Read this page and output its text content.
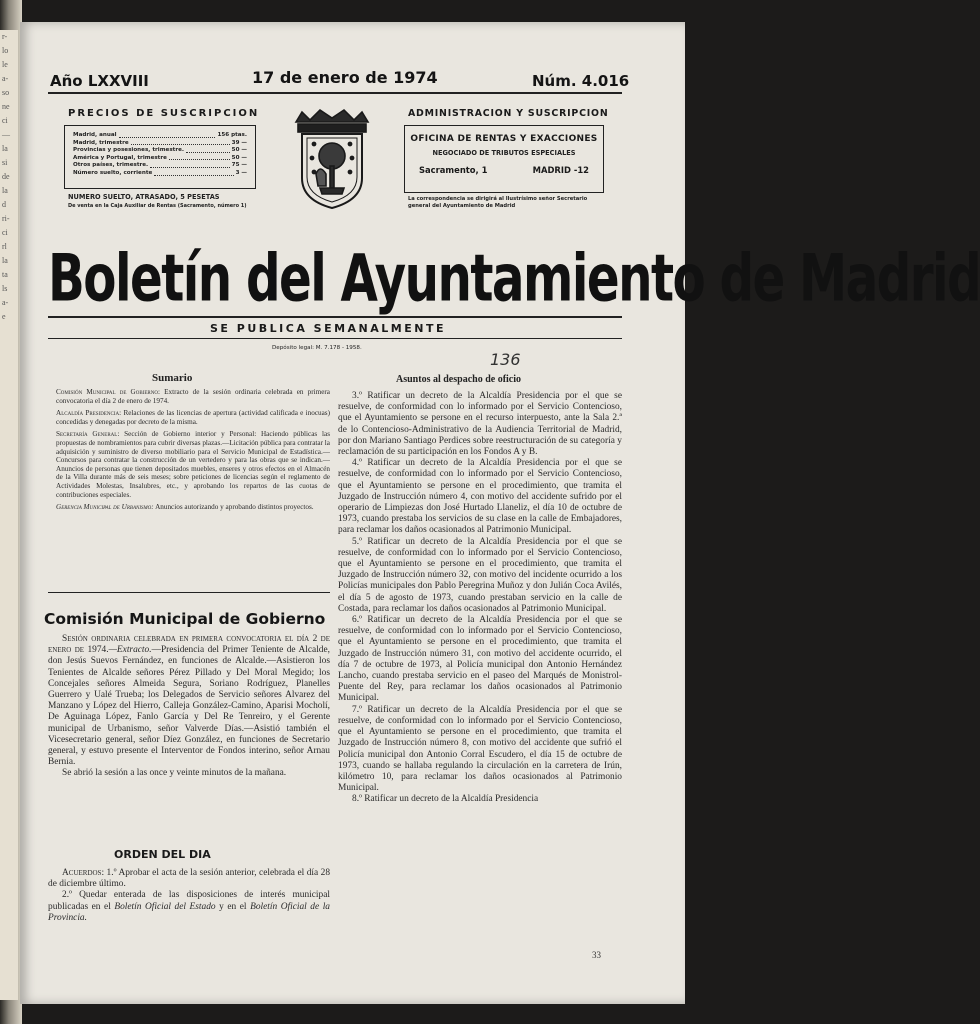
r-
lo
le
a-
so
ne
ci
—
la
si
de
la
d
ri-
ci
rl
la
ta
ls
a-
e
Año LXXVIII	17 de enero de 1974	Núm. 4.016
PRECIOS DE SUSCRIPCION
Madrid, anual	156 ptas.
Madrid, trimestre	39 —
Provincias y posesiones, trimestre.	50 —
América y Portugal, trimestre	50 —
Otros países, trimestre.	75 —
Número suelto, corriente	3 —
NUMERO SUELTO, ATRASADO, 5 PESETAS
De venta en la Caja Auxiliar de Rentas (Sacramento, número 1)
ADMINISTRACION Y SUSCRIPCION
OFICINA DE RENTAS Y EXACCIONES
NEGOCIADO DE TRIBUTOS ESPECIALES
Sacramento, 1	MADRID -12
La correspondencia se dirigirá al Ilustrísimo señor Secretario general del Ayuntamiento de Madrid
Boletín del Ayuntamiento de Madrid
SE PUBLICA SEMANALMENTE
Depósito legal: M. 7.178 - 1958.
136
Sumario

Comisión Municipal de Gobierno: Extracto de la sesión ordinaria celebrada en primera convocatoria el día 2 de enero de 1974.

Alcaldía Presidencia: Relaciones de las licencias de apertura (actividad calificada e inocuas) concedidas y denegadas por decreto de la misma.

Secretaría General: Sección de Gobierno interior y Personal: Haciendo públicas las propuestas de nombramientos para cubrir diversas plazas.—Licitación pública para contratar la adquisición y suministro de diverso mobiliario para el Servicio Municipal de Estadística.—Concursos para contratar la construcción de un vertedero y para las obras que se indican.—Anuncios de personas que tienen depositados muebles, enseres y otros efectos en el Almacén de la Villa durante más de seis meses; sobre peticiones de licencias según el reglamento de Actividades Molestas, Insalubres, etc., y aprobando los repartos de las cuotas de contribuciones especiales.

Gerencia Municipal de Urbanismo: Anuncios autorizando y aprobando distintos proyectos.

Comisión Municipal de Gobierno

Sesión ordinaria celebrada en primera convocatoria el día 2 de enero de 1974.—Extracto.—Presidencia del Primer Teniente de Alcalde, don Jesús Suevos Fernández, en funciones de Alcalde.—Asistieron los Tenientes de Alcalde señores Pérez Pillado y Del Moral Megido; los Concejales señores Almeida Segura, Soriano Rodríguez, Planelles Guerrero y Ualé Trueba; los Delegados de Servicio señores Alvarez del Manzano y López del Hierro, Calleja González-Camino, Aparisi Mocholí, De Aguinaga López, Fanlo García y Del Re Tenreiro, y el Gerente municipal de Urbanismo, señor Valverde Días.—Asistió también el Vicesecretario general, señor Díez González, en funciones de Secretario general, y estuvo presente el Interventor de Fondos interino, señor Arnau Bernia.

Se abrió la sesión a las once y veinte minutos de la mañana.

ORDEN DEL DIA

Acuerdos: 1.º Aprobar el acta de la sesión anterior, celebrada el día 28 de diciembre último.

2.º Quedar enterada de las disposiciones de interés municipal publicadas en el Boletín Oficial del Estado y en el Boletín Oficial de la Provincia.

Asuntos al despacho de oficio

3.º Ratificar un decreto de la Alcaldía Presidencia por el que se resuelve, de conformidad con lo informado por el Servicio Contencioso, que el Ayuntamiento se persone en el recurso interpuesto, ante la Sala 2.ª de lo Contencioso-Administrativo de la Audiencia Territorial de Madrid, por don Mariano Santiago Perdices sobre reestructuración de su categoría y reclamación de su participación en los Fondos A y B.

4.º Ratificar un decreto de la Alcaldía Presidencia por el que se resuelve, de conformidad con lo informado por el Servicio Contencioso, que el Ayuntamiento se persone en el procedimiento, que tramita el Juzgado de Instrucción número 4, con motivo del accidente sufrido por el operario de Limpiezas don José Hurtado Llaneliz, el día 10 de octubre de 1973, cuando prestaba los servicios de su clase en la calle de Embajadores, para reclamar los daños ocasionados al Patrimonio Municipal.

5.º Ratificar un decreto de la Alcaldía Presidencia por el que se resuelve, de conformidad con lo informado por el Servicio Contencioso, que el Ayuntamiento se persone en el procedimiento, que tramita el Juzgado de Instrucción número 32, con motivo del incidente ocurrido a los Policías municipales don Pablo Peregrina Muñoz y don Julián Coca Avilés, el día 5 de agosto de 1973, cuando prestaban servicio en la calle de Costada, para reclamar los daños ocasionados al Patrimonio Municipal.

6.º Ratificar un decreto de la Alcaldía Presidencia por el que se resuelve, de conformidad con lo informado por el Servicio Contencioso, que el Ayuntamiento se persone en el procedimiento, que tramita el Juzgado de Instrucción número 31, con motivo del accidente ocurrido, el día 7 de octubre de 1973, al Policía municipal don Antonio Hernández Lancho, cuando prestaba servicio en el paseo del Marqués de Monistrol-Puente del Rey, para reclamar los daños ocasionados al Patrimonio Municipal.

7.º Ratificar un decreto de la Alcaldía Presidencia por el que se resuelve, de conformidad con lo informado por el Servicio Contencioso, que el Ayuntamiento se persone en el procedimiento, que tramita el Juzgado de Instrucción número 8, con motivo del accidente que sufrió el Policía municipal don Antonio Corral Escudero, el día 15 de octubre de 1973, cuando se hallaba regulando la circulación en la carretera de Irún, kilómetro 10, para reclamar los daños ocasionados al Patrimonio Municipal.

8.º Ratificar un decreto de la Alcaldía Presidencia

33
